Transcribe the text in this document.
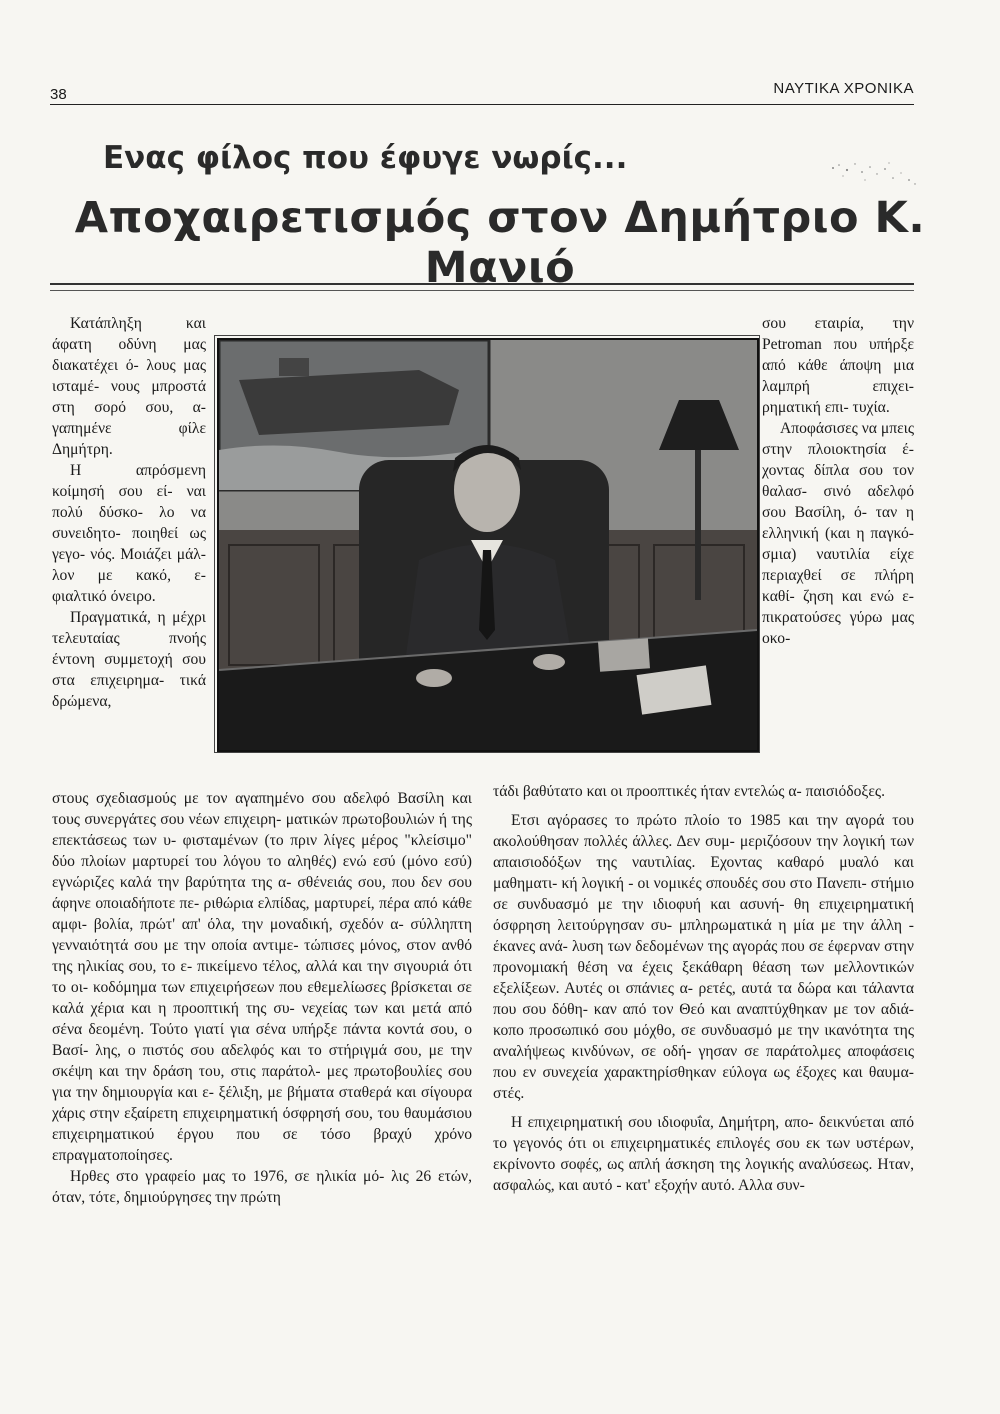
38	ΝΑΥΤΙΚΑ ΧΡΟΝΙΚΑ
Ενας φίλος που έφυγε νωρίς...
Αποχαιρετισμός στον Δημήτριο Κ. Μανιό

Κατάπληξη και άφατη οδύνη μας διακατέχει ό- λους μας ισταμέ- νους μπροστά στη σορό σου, α- γαπημένε φίλε Δημήτρη.

Η απρόσμενη κοίμησή σου εί- ναι πολύ δύσκο- λο να συνειδητο- ποιηθεί ως γεγο- νός. Μοιάζει μάλ- λον με κακό, ε- φιαλτικό όνειρο.

Πραγματικά, η μέχρι τελευταίας πνοής έντονη συμμετοχή σου στα επιχειρημα- τικά δρώμενα,

σου εταιρία, την Petroman που υπήρξε από κάθε άποψη μια λαμπρή επιχει- ρηματική επι- τυχία.

Αποφάσισες να μπεις στην πλοιοκτησία έ- χοντας δίπλα σου τον θαλασ- σινό αδελφό σου Βασίλη, ό- ταν η ελληνική (και η παγκό- σμια) ναυτιλία είχε περιαχθεί σε πλήρη καθί- ζηση και ενώ ε- πικρατούσες γύρω μας οκο-

στους σχεδιασμούς με τον αγαπημένο σου αδελφό Βασίλη και τους συνεργάτες σου νέων επιχειρη- ματικών πρωτοβουλιών ή της επεκτάσεως των υ- φισταμένων (το πριν λίγες μέρος "κλείσιμο" δύο πλοίων μαρτυρεί του λόγου το αληθές) ενώ εσύ (μόνο εσύ) εγνώριζες καλά την βαρύτητα της α- σθένειάς σου, που δεν σου άφηνε οποιαδήποτε πε- ριθώρια ελπίδας, μαρτυρεί, πέρα από κάθε αμφι- βολία, πρώτ' απ' όλα, την μοναδική, σχεδόν α- σύλληπτη γενναιότητά σου με την οποία αντιμε- τώπισες μόνος, στον ανθό της ηλικίας σου, το ε- πικείμενο τέλος, αλλά και την σιγουριά ότι το οι- κοδόμημα των επιχειρήσεων που εθεμελίωσες βρίσκεται σε καλά χέρια και η προοπτική της συ- νεχείας των και μετά από σένα δεομένη. Τούτο γιατί για σένα υπήρξε πάντα κοντά σου, ο Βασί- λης, ο πιστός σου αδελφός και το στήριγμά σου, με την σκέψη και την δράση του, στις παράτολ- μες πρωτοβουλίες σου για την δημιουργία και ε- ξέλιξη, με βήματα σταθερά και σίγουρα χάρις στην εξαίρετη επιχειρηματική όσφρησή σου, του θαυμάσιου επιχειρηματικού έργου που σε τόσο βραχύ χρόνο επραγματοποίησες.

Ηρθες στο γραφείο μας το 1976, σε ηλικία μό- λις 26 ετών, όταν, τότε, δημιούργησες την πρώτη

τάδι βαθύτατο και οι προοπτικές ήταν εντελώς α- παισιόδοξες.

Ετσι αγόρασες το πρώτο πλοίο το 1985 και την αγορά του ακολούθησαν πολλές άλλες. Δεν συμ- μεριζόσουν την λογική των απαισιοδόξων της ναυτιλίας. Εχοντας καθαρό μυαλό και μαθηματι- κή λογική - οι νομικές σπουδές σου στο Πανεπι- στήμιο σε συνδυασμό με την ιδιοφυή και ασυνή- θη επιχειρηματική όσφρηση λειτούργησαν συ- μπληρωματικά η μία με την άλλη - έκανες ανά- λυση των δεδομένων της αγοράς που σε έφερναν στην προνομιακή θέση να έχεις ξεκάθαρη θέαση των μελλοντικών εξελίξεων. Αυτές οι σπάνιες α- ρετές, αυτά τα δώρα και τάλαντα που σου δόθη- καν από τον Θεό και αναπτύχθηκαν με τον αδιά- κοπο προσωπικό σου μόχθο, σε συνδυασμό με την ικανότητα της αναλήψεως κινδύνων, σε οδή- γησαν σε παράτολμες αποφάσεις που εν συνεχεία χαρακτηρίσθηκαν εύλογα ως έξοχες και θαυμα- στές.

Η επιχειρηματική σου ιδιοφυΐα, Δημήτρη, απο- δεικνύεται από το γεγονός ότι οι επιχειρηματικές επιλογές σου εκ των υστέρων, εκρίνοντο σοφές, ως απλή άσκηση της λογικής αναλύσεως. Ηταν, ασφαλώς, και αυτό - κατ' εξοχήν αυτό. Αλλα συν-
